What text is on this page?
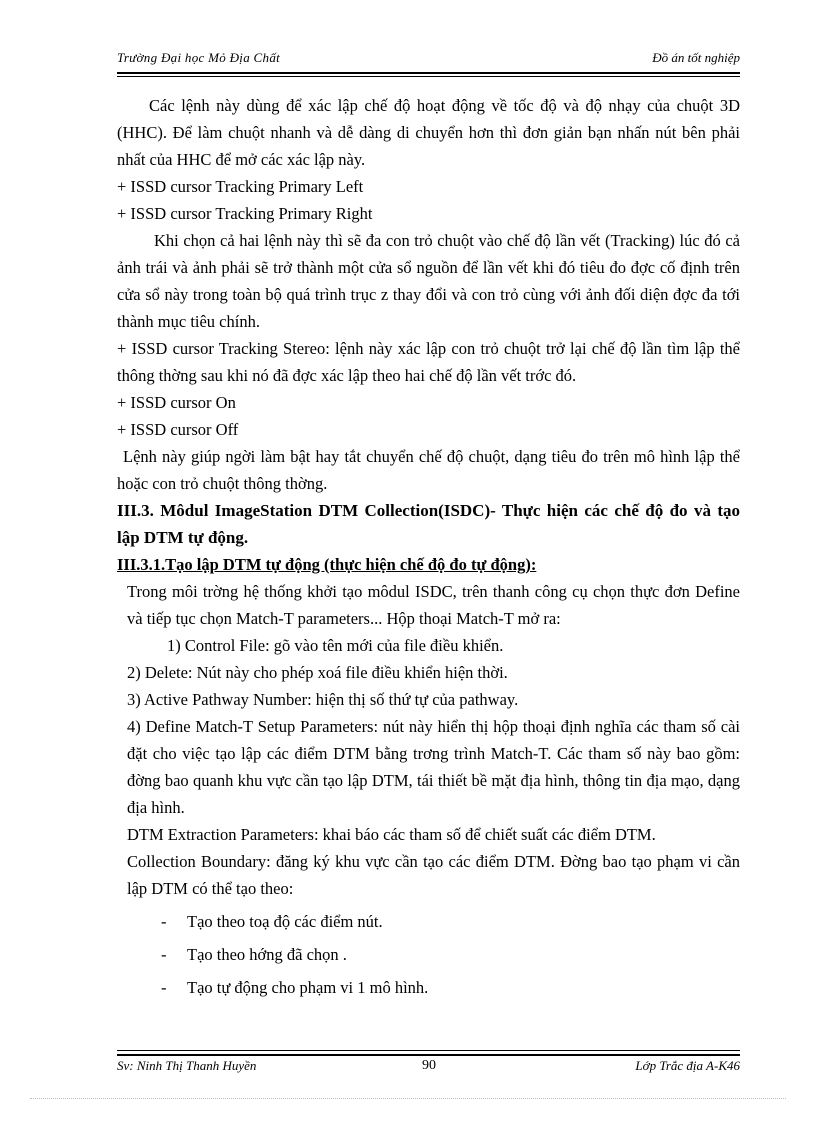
Trường Đại học Mỏ Địa Chất	Đồ án tốt nghiệp

Các lệnh này dùng để xác lập chế độ hoạt động về tốc độ và độ nhạy của chuột 3D (HHC). Để làm chuột nhanh và dễ dàng di chuyển hơn thì đơn giản bạn nhấn nút bên phải nhất của HHC để mở các xác lập này.

+ ISSD cursor Tracking Primary Left

+ ISSD cursor Tracking Primary Right

Khi chọn cả hai lệnh này thì sẽ đa con trỏ chuột vào chế độ lần vết (Tracking) lúc đó cả ảnh trái và ảnh phải sẽ trở thành một cửa sổ nguồn để lần vết khi đó tiêu đo đợc cố định trên cửa sổ này trong toàn bộ quá trình trục z thay đổi và con trỏ cùng với ảnh đối diện đợc đa tới thành mục tiêu chính.

+ ISSD cursor Tracking Stereo: lệnh này xác lập con trỏ chuột trở lại chế độ lần tìm lập thể thông thờng sau khi nó đã đợc xác lập theo hai chế độ lần vết trớc đó.

+ ISSD cursor On

+ ISSD cursor Off

Lệnh này giúp ngời làm bật hay tắt chuyển chế độ chuột, dạng tiêu đo trên mô hình lập thể hoặc con trỏ chuột thông thờng.

III.3. Môdul ImageStation DTM Collection(ISDC)- Thực hiện các chế độ đo và tạo lập DTM tự động.

III.3.1.Tạo lập DTM tự động (thực hiện chế độ đo tự động):

Trong môi trờng hệ thống khởi tạo môdul ISDC, trên thanh công cụ chọn thực đơn Define và tiếp tục chọn Match-T parameters... Hộp thoại Match-T mở ra:

1) Control File: gõ vào tên mới của file điều khiển.

2) Delete: Nút này cho phép xoá file điều khiển hiện thời.

3) Active Pathway Number: hiện thị số thứ tự của pathway.

4) Define Match-T Setup Parameters: nút này hiển thị hộp thoại định nghĩa các tham số cài đặt cho việc tạo lập các điểm DTM bằng trơng trình Match-T. Các tham số này bao gồm: đờng bao quanh khu vực cần tạo lập DTM, tái thiết bề mặt địa hình, thông tin địa mạo, dạng địa hình.

DTM Extraction Parameters: khai báo các tham số để chiết suất các điểm DTM.

Collection Boundary: đăng ký khu vực cần tạo các điểm DTM. Đờng bao tạo phạm vi cần lập DTM có thể tạo theo:

-	Tạo theo toạ độ các điểm nút.
-	Tạo theo hớng đã chọn .
-	Tạo tự động cho phạm vi 1 mô hình.
Sv: Ninh Thị Thanh Huyền	90	Lớp Trắc địa A-K46
